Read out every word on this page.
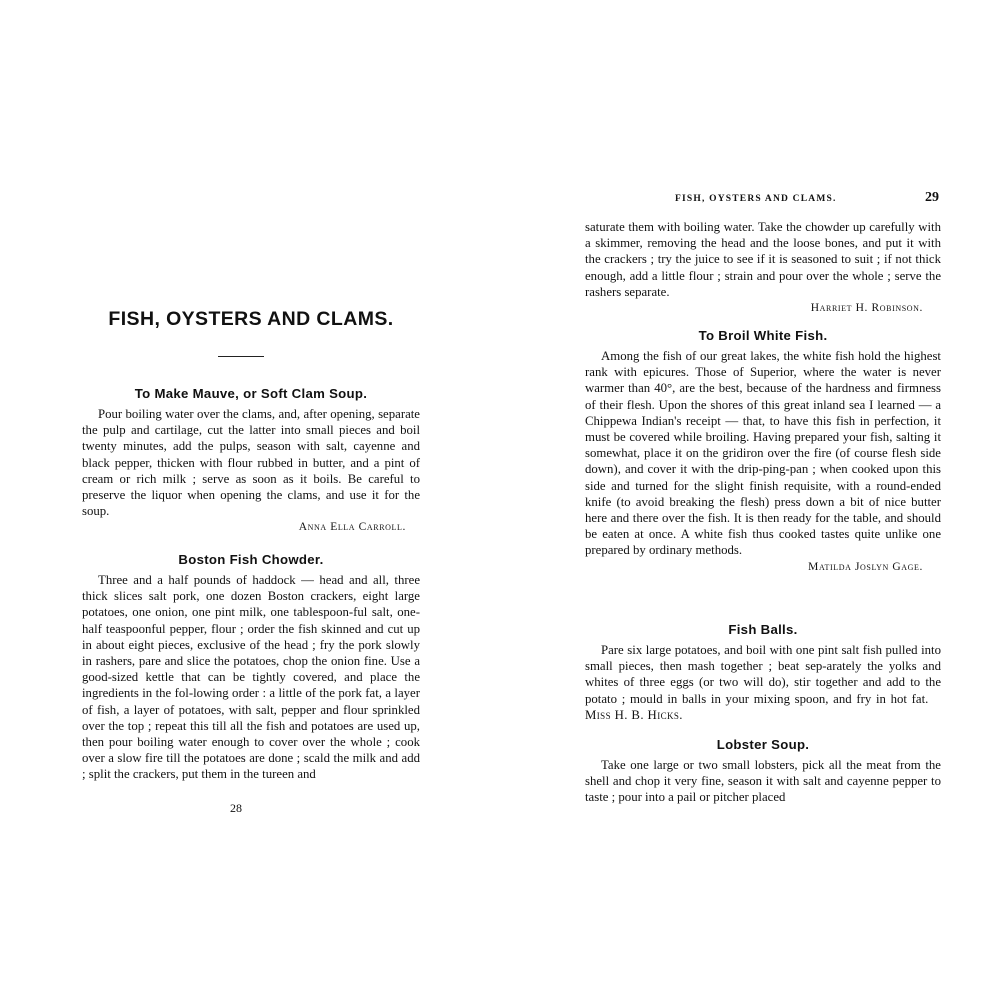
FISH, OYSTERS AND CLAMS.
To Make Mauve, or Soft Clam Soup.

Pour boiling water over the clams, and, after opening, separate the pulp and cartilage, cut the latter into small pieces and boil twenty minutes, add the pulps, season with salt, cayenne and black pepper, thicken with flour rubbed in butter, and a pint of cream or rich milk ; serve as soon as it boils. Be careful to preserve the liquor when opening the clams, and use it for the soup.

Anna Ella Carroll.
Boston Fish Chowder.

Three and a half pounds of haddock — head and all, three thick slices salt pork, one dozen Boston crackers, eight large potatoes, one onion, one pint milk, one tablespoon-ful salt, one-half teaspoonful pepper, flour ; order the fish skinned and cut up in about eight pieces, exclusive of the head ; fry the pork slowly in rashers, pare and slice the potatoes, chop the onion fine. Use a good-sized kettle that can be tightly covered, and place the ingredients in the fol-lowing order : a little of the pork fat, a layer of fish, a layer of potatoes, with salt, pepper and flour sprinkled over the top ; repeat this till all the fish and potatoes are used up, then pour boiling water enough to cover over the whole ; cook over a slow fire till the potatoes are done ; scald the milk and add ; split the crackers, put them in the tureen and

28
FISH, OYSTERS AND CLAMS.	29

saturate them with boiling water. Take the chowder up carefully with a skimmer, removing the head and the loose bones, and put it with the crackers ; try the juice to see if it is seasoned to suit ; if not thick enough, add a little flour ; strain and pour over the whole ; serve the rashers separate.

Harriet H. Robinson.
To Broil White Fish.

Among the fish of our great lakes, the white fish hold the highest rank with epicures. Those of Superior, where the water is never warmer than 40°, are the best, because of the hardness and firmness of their flesh. Upon the shores of this great inland sea I learned — a Chippewa Indian's receipt — that, to have this fish in perfection, it must be covered while broiling. Having prepared your fish, salting it somewhat, place it on the gridiron over the fire (of course flesh side down), and cover it with the drip-ping-pan ; when cooked upon this side and turned for the slight finish requisite, with a round-ended knife (to avoid breaking the flesh) press down a bit of nice butter here and there over the fish. It is then ready for the table, and should be eaten at once. A white fish thus cooked tastes quite unlike one prepared by ordinary methods.

Matilda Joslyn Gage.
Fish Balls.

Pare six large potatoes, and boil with one pint salt fish pulled into small pieces, then mash together ; beat sep-arately the yolks and whites of three eggs (or two will do), stir together and add to the potato ; mould in balls in your mixing spoon, and fry in hot fat.    Miss H. B. Hicks.

Lobster Soup.

Take one large or two small lobsters, pick all the meat from the shell and chop it very fine, season it with salt and cayenne pepper to taste ; pour into a pail or pitcher placed
